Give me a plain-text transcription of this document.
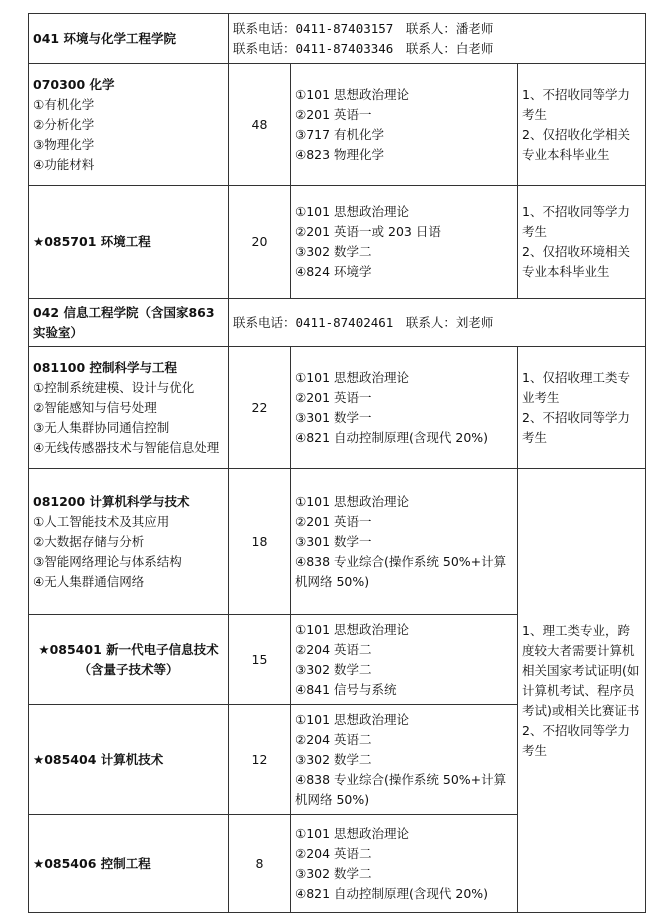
041 环境与化学工程学院	联系电话：0411-87403157　联系人：潘老师
联系电话：0411-87403346　联系人：白老师		

070300 化学
①有机化学
②分析化学
③物理化学
④功能材料	48	①101 思想政治理论
②201 英语一
③717 有机化学
④823 物理化学	1、不招收同等学力考生
2、仅招收化学相关专业本科毕业生

★085701 环境工程	20	①101 思想政治理论
②201 英语一或 203 日语
③302 数学二
④824 环境学	1、不招收同等学力考生
2、仅招收环境相关专业本科毕业生
042 信息工程学院（含国家863实验室）	联系电话：0411-87402461　联系人：刘老师		

081100 控制科学与工程
①控制系统建模、设计与优化
②智能感知与信号处理
③无人集群协同通信控制
④无线传感器技术与智能信息处理	22	①101 思想政治理论
②201 英语一
③301 数学一
④821 自动控制原理(含现代 20%)	1、仅招收理工类专业考生
2、不招收同等学力考生

081200 计算机科学与技术
①人工智能技术及其应用
②大数据存储与分析
③智能网络理论与体系结构
④无人集群通信网络	18	①101 思想政治理论
②201 英语一
③301 数学一
④838 专业综合(操作系统 50%+计算机网络 50%)	1、理工类专业，跨度较大者需要计算机相关国家考试证明(如计算机考试、程序员考试)或相关比赛证书
2、不招收同等学力考生

★085401 新一代电子信息技术（含量子技术等）	15	①101 思想政治理论
②204 英语二
③302 数学二
④841 信号与系统	

★085404 计算机技术	12	①101 思想政治理论
②204 英语二
③302 数学二
④838 专业综合(操作系统 50%+计算机网络 50%)	

★085406 控制工程	8	①101 思想政治理论
②204 英语二
③302 数学二
④821 自动控制原理(含现代 20%)	
